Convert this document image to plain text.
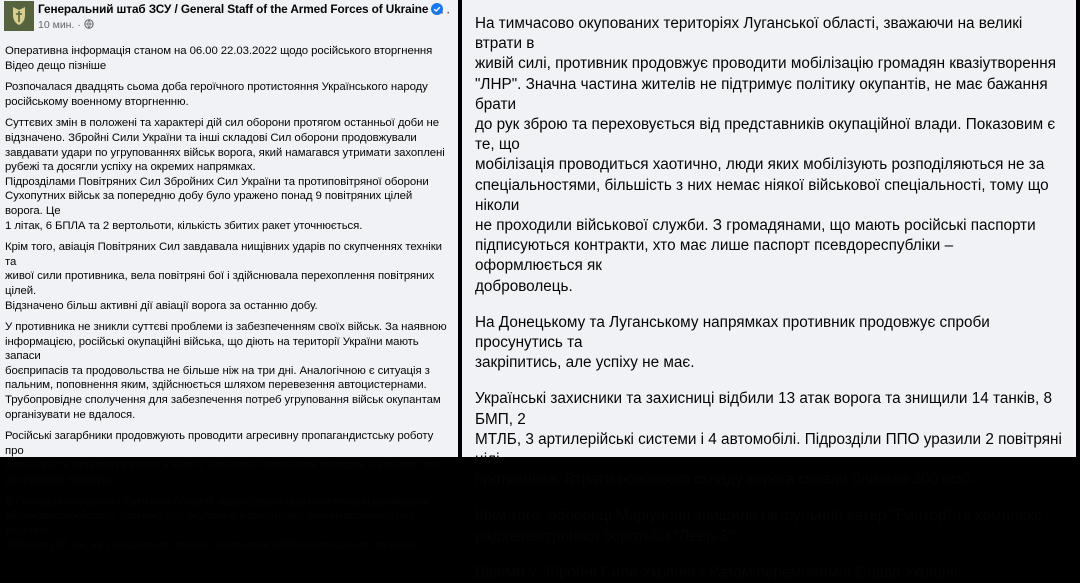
Генеральний штаб ЗСУ / General Staff of the Armed Forces of Ukraine
10 мин. ·
···

Оперативна інформація станом на 06.00 22.03.2022 щодо російського вторгнення
Відео дещо пізніше

Розпочалася двадцять сьома доба героїчного протистояння Українського народу
російському военному вторгненню.

Суттєвих змін в положені та характері дій сил оборони протягом останньої доби не
відзначено. Збройні Сили України та інші складові Сил оборони продовжували
завдавати удари по угрупованнях військ ворога, який намагався утримати захоплені
рубежі та досягли успіху на окремих напрямках.
Підрозділами Повітряних Сил Збройних Сил України та протиповітряної оборони
Сухопутних військ за попередню добу було уражено понад 9 повітряних цілей ворога. Це
1 літак, 6 БПЛА та 2 вертольоти, кількість збитих ракет уточнюється.

Крім того, авіація Повітряних Сил завдавала нищівних ударів по скупченнях техніки та
живої сили противника, вела повітряні бої і здійснювала перехоплення повітряних цілей.
Відзначено більш активні дії авіації ворога за останню добу.

У противника не зникли суттєві проблеми із забезпеченням своїх військ. За наявною
інформацією, російські окупаційні війська, що діють на території України мають запаси
боєприпасів та продовольства не більше ніж на три дні. Аналогічною є ситуація з
пальним, поповнення яким, здійснюється шляхом перевезення автоцистернами.
Трубопровідне сполучення для забезпечення потреб угруповання військ окупантам
організувати не вдалося.

Російські загарбники продовжують проводити агресивну пропагандистську роботу про
необхідність прийняття участі у війні з Україною з особовим складом збройних сил
республики білорусь.

В Охтирському районі Сумської області, зафіксовано факти непокори російських
військовослужбовців. Близько 300 окупантів відмовились виконувати наказ на ведення
бойових дій, та, на 70 одиницях техніки, залишили район проведення операції.

На тимчасово окупованих територіях Луганської області, зважаючи на великі втрати в
живій силі, противник продовжує проводити мобілізацію громадян квазіутворення
"ЛНР". Значна частина жителів не підтримує політику окупантів, не має бажання брати
до рук зброю та переховується від представників окупаційної влади. Показовим є те, що
мобілізація проводиться хаотично, люди яких мобілізують розподіляються не за
спеціальностями, більшість з них немає ніякої військової спеціальності, тому що ніколи
не проходили військової служби. З громадянами, що мають російські паспорти
підписуються контракти, хто має лише паспорт псевдореспубліки – оформлюється як
доброволець.

На Донецькому та Луганському напрямках противник продовжує спроби просунутись та
закріпитись, але успіху не має.

Українські захисники та захисниці відбили 13 атак ворога та знищили 14 танків, 8 БМП, 2
МТЛБ, 3 артилерійські системи і 4 автомобілі. Підрозділи ППО уразили 2 повітряні цілі
противника. Втрати особового складу ворога склали близько 300 осіб.

Крім того, оборонці Маріуполя знищили патрульний катер "Раптор" та комплекс
радіоелектронної боротьби "Леер-3".

Віримо у Збройні Сили України ! Разом переможемо! Слава Україні!
